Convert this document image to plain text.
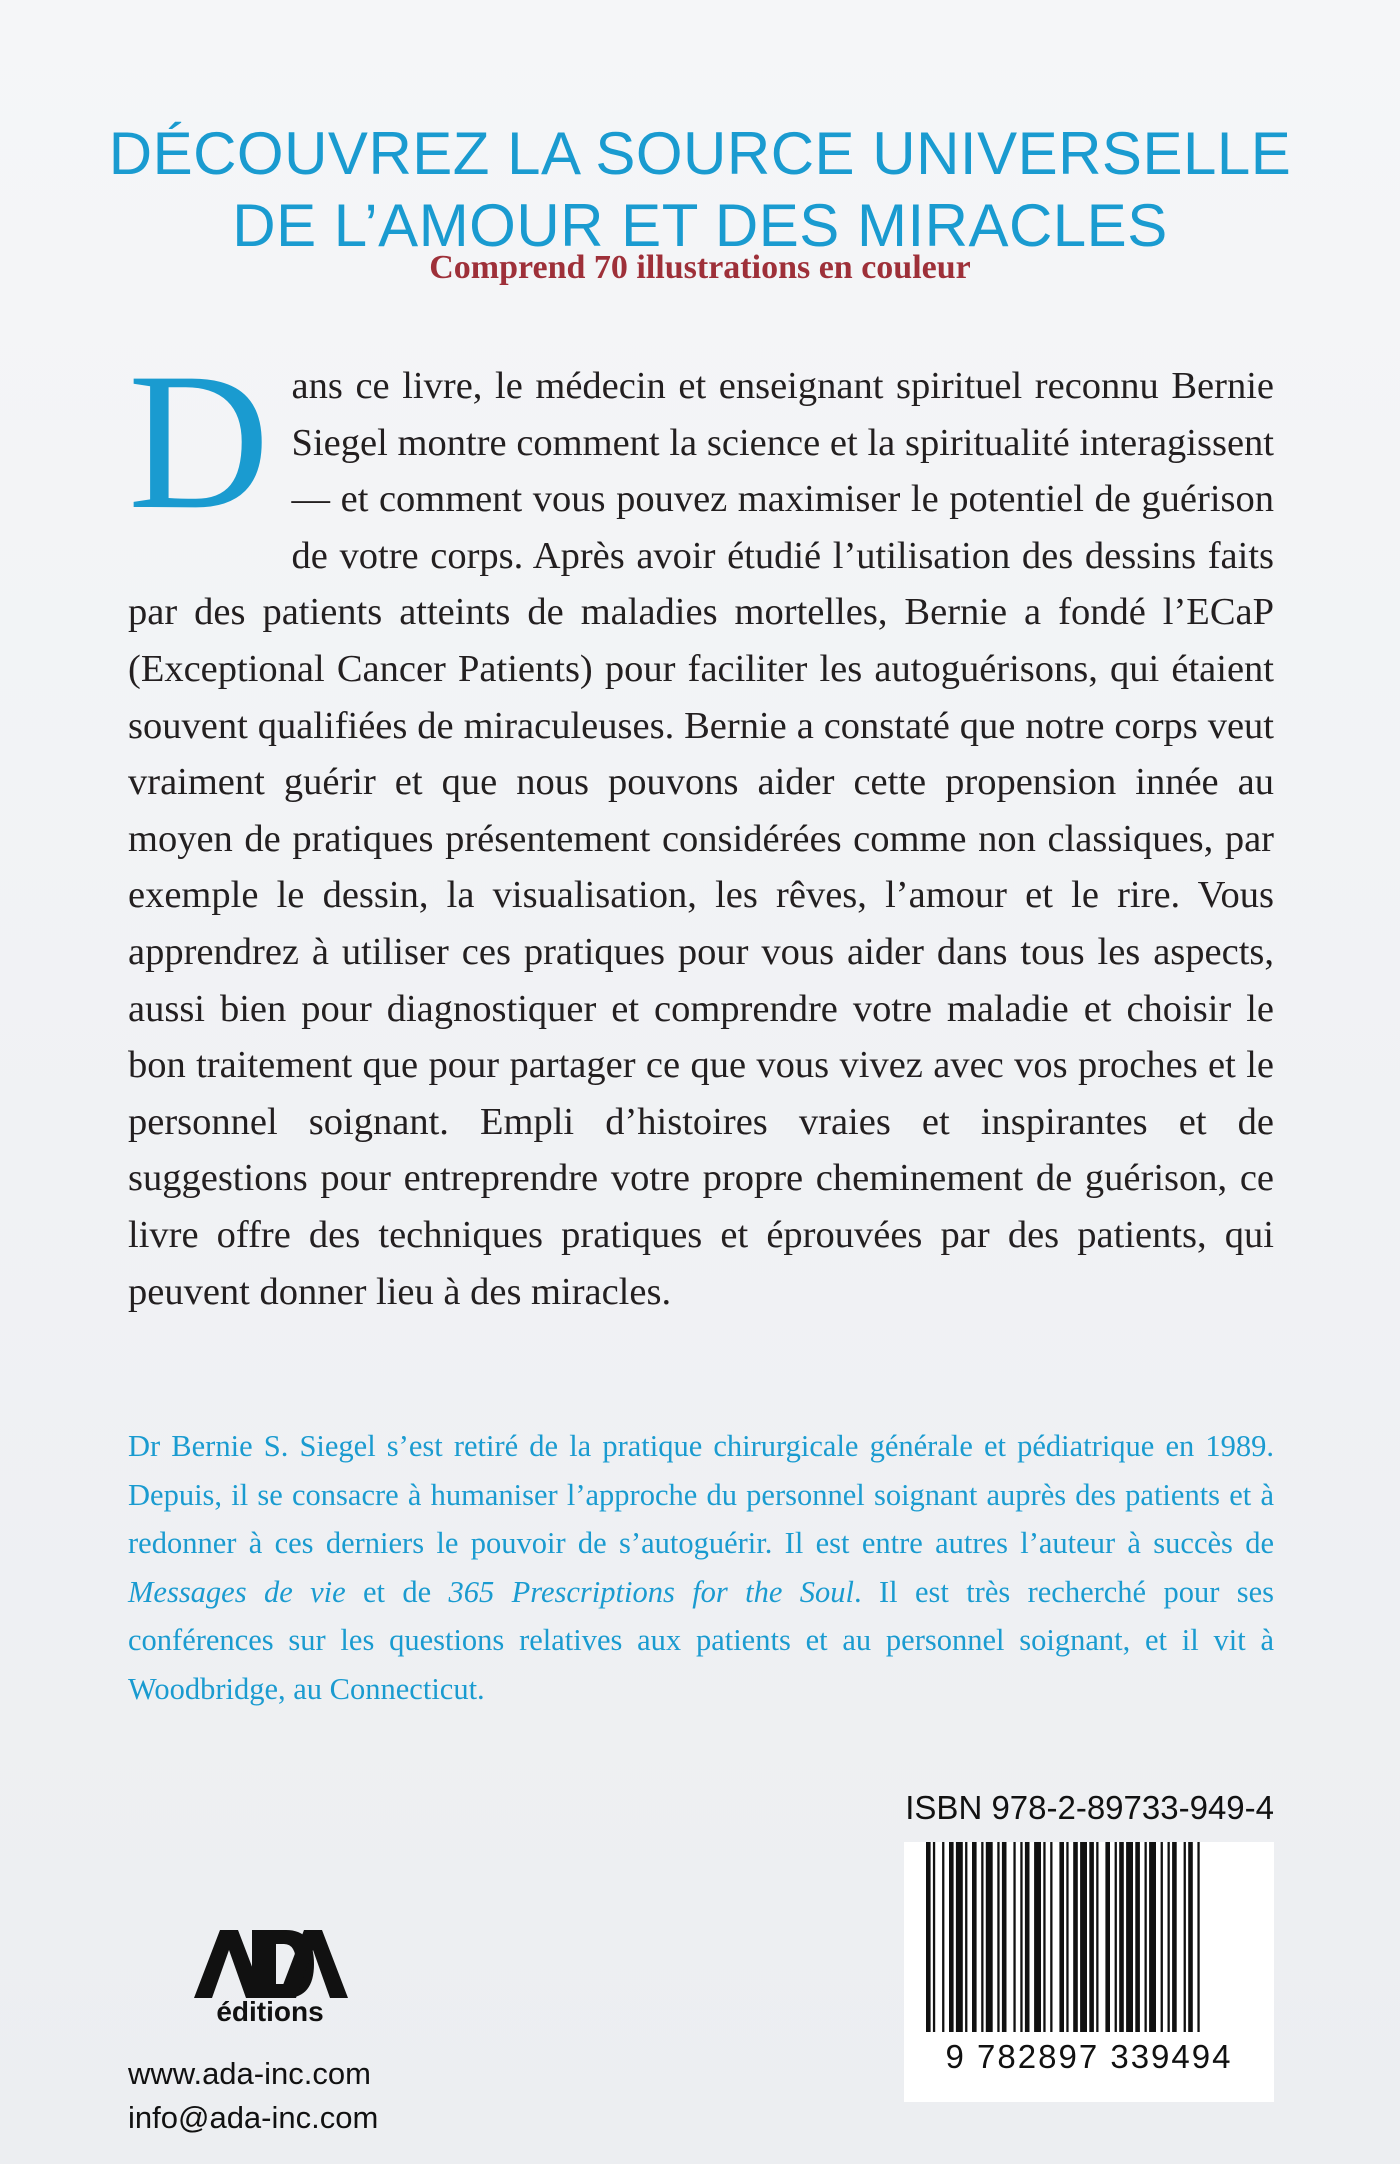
DÉCOUVREZ LA SOURCE UNIVERSELLE
DE L’AMOUR ET DES MIRACLES
Comprend 70 illustrations en couleur
Dans ce livre, le médecin et enseignant spirituel reconnu Bernie Siegel montre comment la science et la spiritualité interagissent — et comment vous pouvez maximiser le potentiel de guérison de votre corps. Après avoir étudié l’utilisation des dessins faits par des patients atteints de maladies mortelles, Bernie a fondé l’ECaP (Exceptional Cancer Patients) pour faciliter les autoguérisons, qui étaient souvent qualifiées de miraculeuses. Bernie a constaté que notre corps veut vraiment guérir et que nous pouvons aider cette propension innée au moyen de pratiques présentement considérées comme non classiques, par exemple le dessin, la visualisation, les rêves, l’amour et le rire. Vous apprendrez à utiliser ces pratiques pour vous aider dans tous les aspects, aussi bien pour diagnostiquer et comprendre votre maladie et choisir le bon traitement que pour partager ce que vous vivez avec vos proches et le personnel soignant. Empli d’histoires vraies et inspirantes et de suggestions pour entreprendre votre propre cheminement de guérison, ce livre offre des techniques pratiques et éprouvées par des patients, qui peuvent donner lieu à des miracles.
Dr Bernie S. Siegel s’est retiré de la pratique chirurgicale générale et pédiatrique en 1989. Depuis, il se consacre à humaniser l’approche du personnel soignant auprès des patients et à redonner à ces derniers le pouvoir de s’autoguérir. Il est entre autres l’auteur à succès de Messages de vie et de 365 Prescriptions for the Soul. Il est très recherché pour ses conférences sur les questions relatives aux patients et au personnel soignant, et il vit à Woodbridge, au Connecticut.
ISBN 978-2-89733-949-4
9 782897 339494
éditions
www.ada-inc.com
info@ada-inc.com
